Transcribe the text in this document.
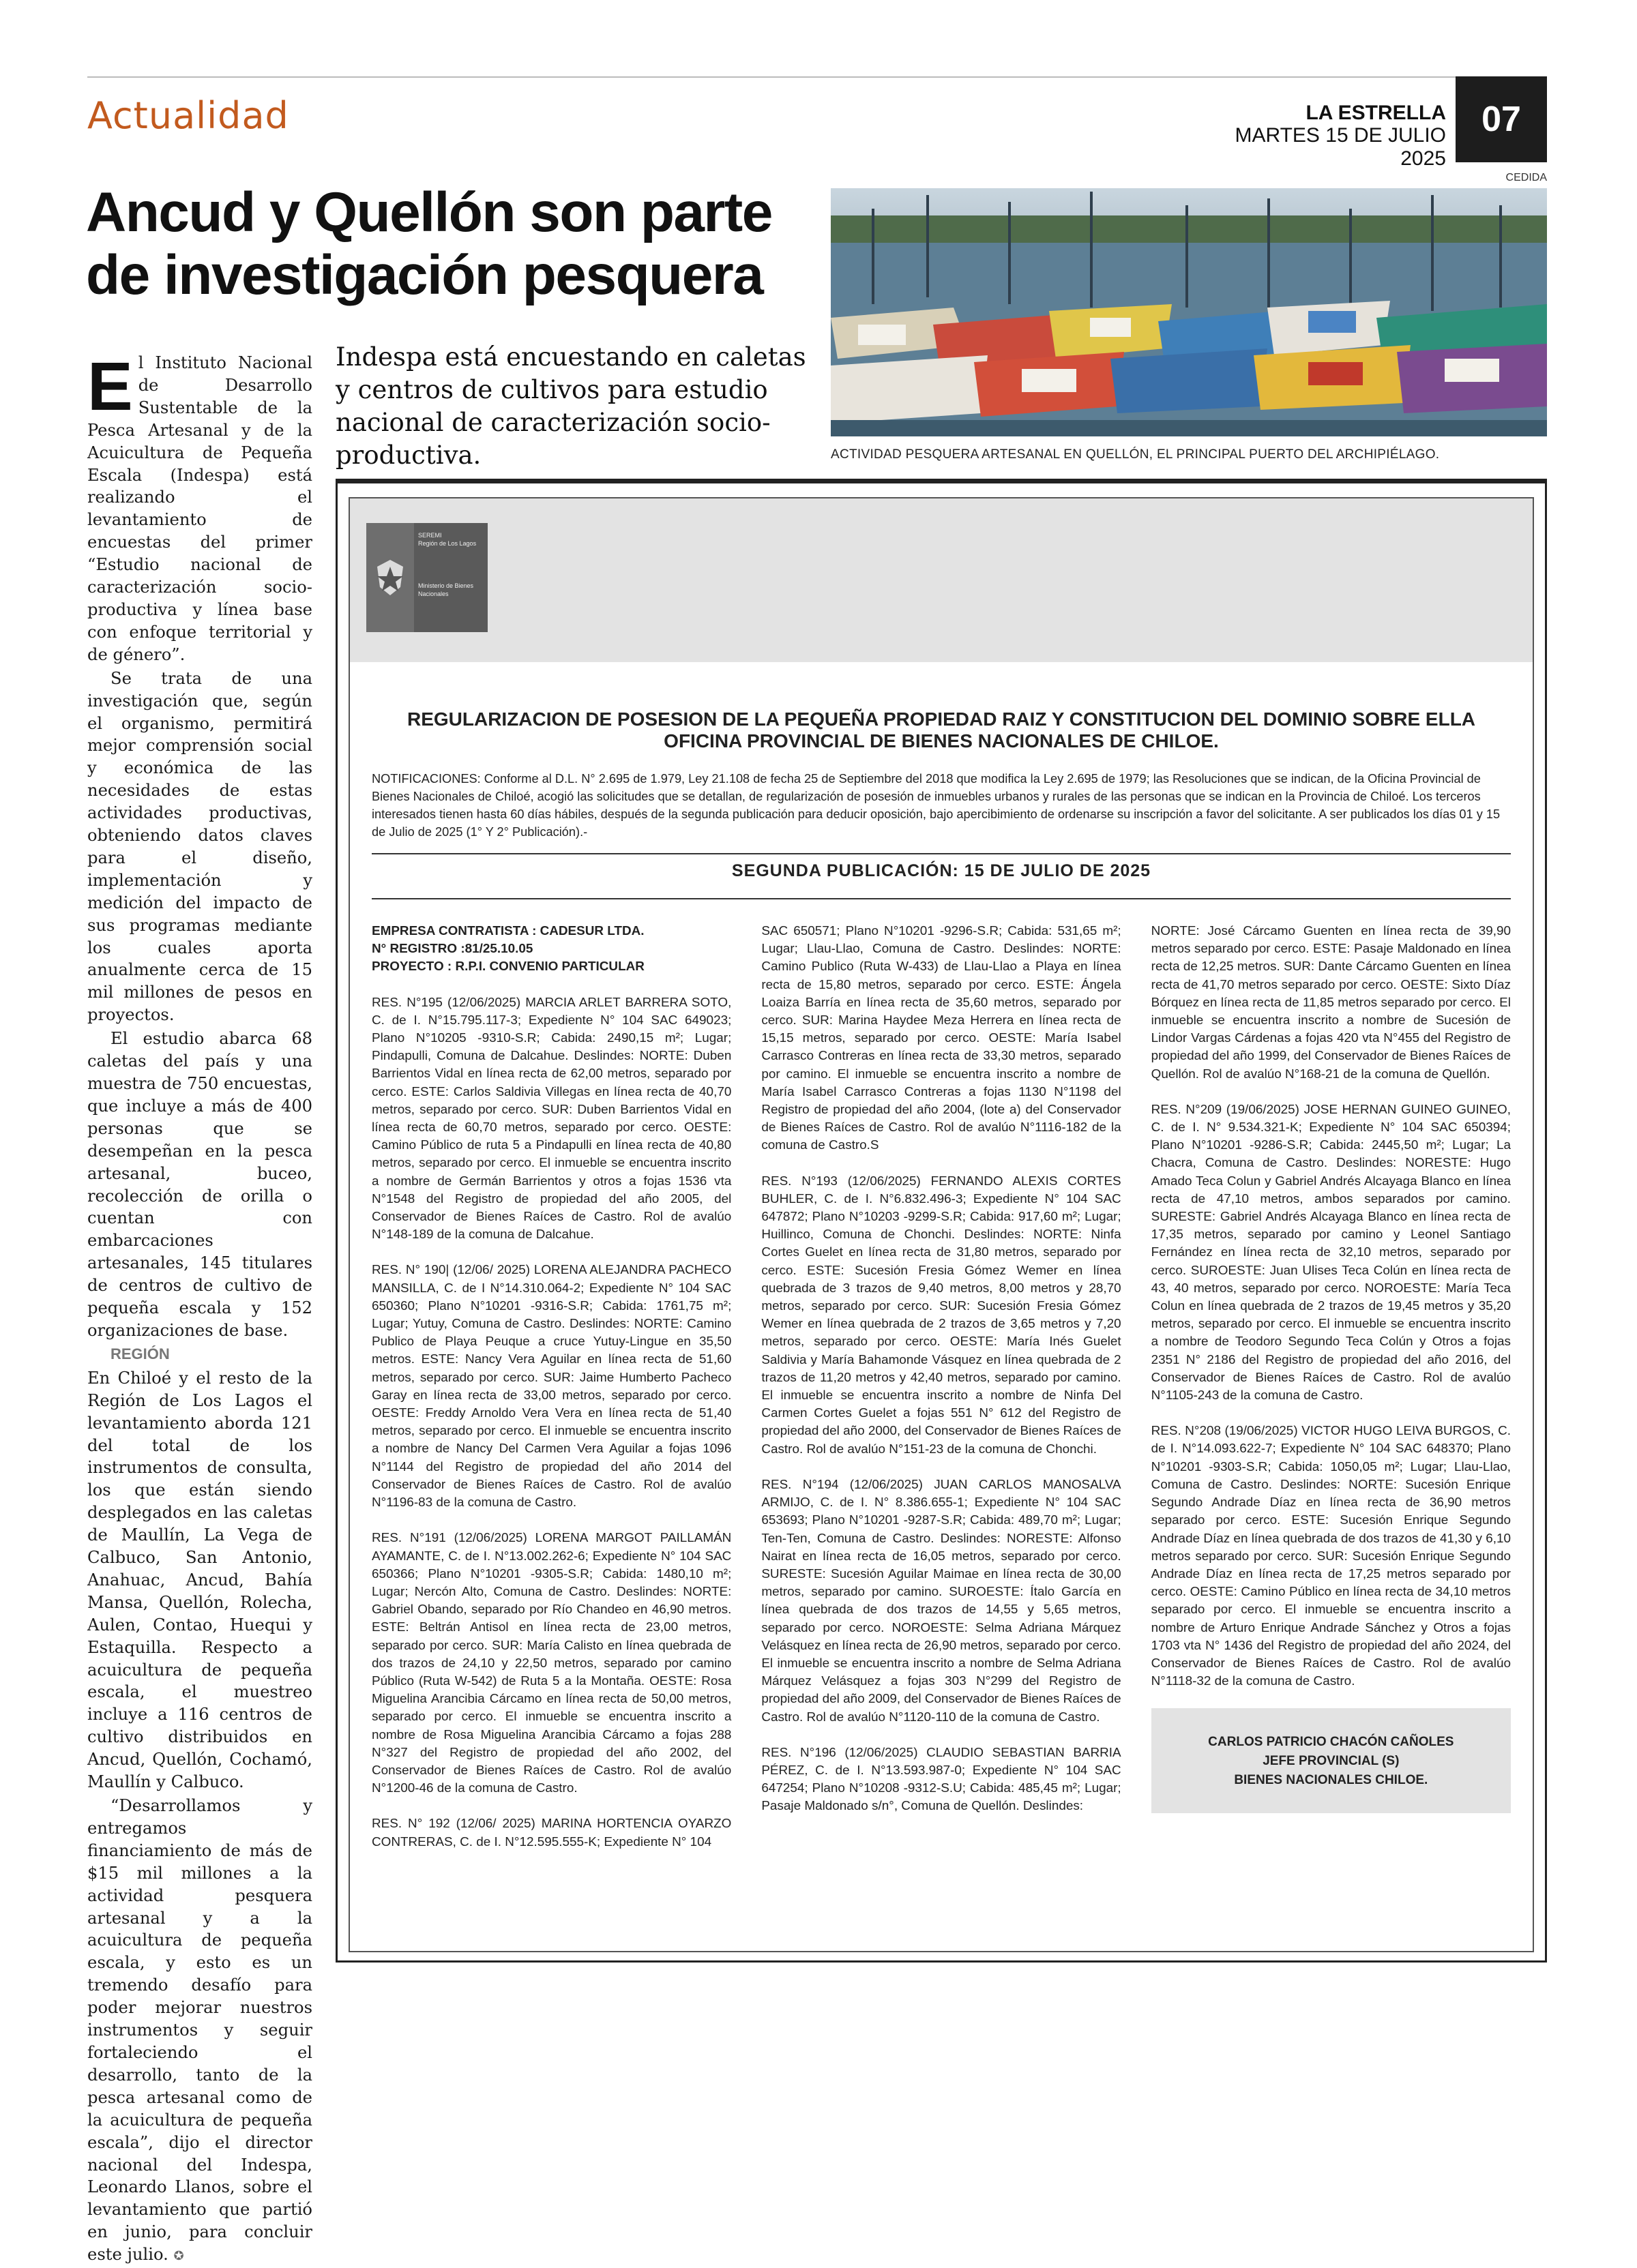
Actualidad	LA ESTRELLA
MARTES 15 DE JULIO 2025
07
CEDIDA
Ancud y Quellón son parte
de investigación pesquera
Indespa está encuestando en caletas y centros de cultivos para estudio nacional de caracterización socio-productiva.	ACTIVIDAD PESQUERA ARTESANAL EN QUELLÓN, EL PRINCIPAL PUERTO DEL ARCHIPIÉLAGO.

El Instituto Nacional de Desarrollo Sustentable de la Pesca Artesanal y de la Acuicultura de Pequeña Escala (Indespa) está realizando el levantamiento de encuestas del primer “Estudio nacional de caracterización socio-productiva y línea base con enfoque territorial y de género”.

Se trata de una investigación que, según el organismo, permitirá mejor comprensión social y económica de las necesidades de estas actividades productivas, obteniendo datos claves para el diseño, implementación y medición del impacto de sus programas mediante los cuales aporta anualmente cerca de 15 mil millones de pesos en proyectos.

El estudio abarca 68 caletas del país y una muestra de 750 encuestas, que incluye a más de 400 personas que se desempeñan en la pesca artesanal, buceo, recolección de orilla o cuentan con embarcaciones artesanales, 145 titulares de centros de cultivo de pequeña escala y 152 organizaciones de base.

REGIÓN

En Chiloé y el resto de la Región de Los Lagos el levantamiento aborda 121 del total de los instrumentos de consulta, los que están siendo desplegados en las caletas de Maullín, La Vega de Calbuco, San Antonio, Anahuac, Ancud, Bahía Mansa, Quellón, Rolecha, Aulen, Contao, Huequi y Estaquilla. Respecto a acuicultura de pequeña escala, el muestreo incluye a 116 centros de cultivo distribuidos en Ancud, Quellón, Cochamó, Maullín y Calbuco.

“Desarrollamos y entregamos financiamiento de más de $15 mil millones a la actividad pesquera artesanal y a la acuicultura de pequeña escala, y esto es un tremendo desafío para poder mejorar nuestros instrumentos y seguir fortaleciendo el desarrollo, tanto de la pesca artesanal como de la acuicultura de pequeña escala”, dijo el director nacional del Indespa, Leonardo Llanos, sobre el levantamiento que partió en junio, para concluir este julio. ✪

SEREMI
Región de Los Lagos
Ministerio de Bienes Nacionales
REGULARIZACION DE POSESION DE LA PEQUEÑA PROPIEDAD RAIZ Y CONSTITUCION DEL DOMINIO SOBRE ELLA OFICINA PROVINCIAL DE BIENES NACIONALES DE CHILOE.
NOTIFICACIONES: Conforme al D.L. N° 2.695 de 1.979, Ley 21.108 de fecha 25 de Septiembre del 2018 que modifica la Ley 2.695 de 1979; las Resoluciones que se indican, de la Oficina Provincial de Bienes Nacionales de Chiloé, acogió las solicitudes que se detallan, de regularización de posesión de inmuebles urbanos y rurales de las personas que se indican en la Provincia de Chiloé. Los terceros interesados tienen hasta 60 días hábiles, después de la segunda publicación para deducir oposición, bajo apercibimiento de ordenarse su inscripción a favor del solicitante. A ser publicados los días 01 y 15 de Julio de 2025 (1° Y 2° Publicación).-
SEGUNDA PUBLICACIÓN: 15 DE JULIO DE 2025
EMPRESA CONTRATISTA : CADESUR LTDA.
N° REGISTRO :81/25.10.05
PROYECTO : R.P.I. CONVENIO PARTICULAR

RES. N°195 (12/06/2025) MARCIA ARLET BARRERA SOTO, C. de I. N°15.795.117-3; Expediente N° 104 SAC 649023; Plano N°10205 -9310-S.R; Cabida: 2490,15 m²; Lugar; Pindapulli, Comuna de Dalcahue. Deslindes: NORTE: Duben Barrientos Vidal en línea recta de 62,00 metros, separado por cerco. ESTE: Carlos Saldivia Villegas en línea recta de 40,70 metros, separado por cerco. SUR: Duben Barrientos Vidal en línea recta de 60,70 metros, separado por cerco. OESTE: Camino Público de ruta 5 a Pindapulli en línea recta de 40,80 metros, separado por cerco. El inmueble se encuentra inscrito a nombre de Germán Barrientos y otros a fojas 1536 vta N°1548 del Registro de propiedad del año 2005, del Conservador de Bienes Raíces de Castro. Rol de avalúo N°148-189 de la comuna de Dalcahue.

RES. N° 190| (12/06/ 2025) LORENA ALEJANDRA PACHECO MANSILLA, C. de I N°14.310.064-2; Expediente N° 104 SAC 650360; Plano N°10201 -9316-S.R; Cabida: 1761,75 m²; Lugar; Yutuy, Comuna de Castro. Deslindes: NORTE: Camino Publico de Playa Peuque a cruce Yutuy-Lingue en 35,50 metros. ESTE: Nancy Vera Aguilar en línea recta de 51,60 metros, separado por cerco. SUR: Jaime Humberto Pacheco Garay en línea recta de 33,00 metros, separado por cerco. OESTE: Freddy Arnoldo Vera Vera en línea recta de 51,40 metros, separado por cerco. El inmueble se encuentra inscrito a nombre de Nancy Del Carmen Vera Aguilar a fojas 1096 N°1144 del Registro de propiedad del año 2014 del Conservador de Bienes Raíces de Castro. Rol de avalúo N°1196-83 de la comuna de Castro.

RES. N°191 (12/06/2025) LORENA MARGOT PAILLAMÁN AYAMANTE, C. de I. N°13.002.262-6; Expediente N° 104 SAC 650366; Plano N°10201 -9305-S.R; Cabida: 1480,10 m²; Lugar; Nercón Alto, Comuna de Castro. Deslindes: NORTE: Gabriel Obando, separado por Río Chandeo en 46,90 metros. ESTE: Beltrán Antisol en línea recta de 23,00 metros, separado por cerco. SUR: María Calisto en línea quebrada de dos trazos de 24,10 y 22,50 metros, separado por camino Público (Ruta W-542) de Ruta 5 a la Montaña. OESTE: Rosa Miguelina Arancibia Cárcamo en línea recta de 50,00 metros, separado por cerco. El inmueble se encuentra inscrito a nombre de Rosa Miguelina Arancibia Cárcamo a fojas 288 N°327 del Registro de propiedad del año 2002, del Conservador de Bienes Raíces de Castro. Rol de avalúo N°1200-46 de la comuna de Castro.

RES. N° 192 (12/06/ 2025) MARINA HORTENCIA OYARZO CONTRERAS, C. de I. N°12.595.555-K; Expediente N° 104

SAC 650571; Plano N°10201 -9296-S.R; Cabida: 531,65 m²; Lugar; Llau-Llao, Comuna de Castro. Deslindes: NORTE: Camino Publico (Ruta W-433) de Llau-Llao a Playa en línea recta de 15,80 metros, separado por cerco. ESTE: Ángela Loaiza Barría en línea recta de 35,60 metros, separado por cerco. SUR: Marina Haydee Meza Herrera en línea recta de 15,15 metros, separado por cerco. OESTE: María Isabel Carrasco Contreras en línea recta de 33,30 metros, separado por camino. El inmueble se encuentra inscrito a nombre de María Isabel Carrasco Contreras a fojas 1130 N°1198 del Registro de propiedad del año 2004, (lote a) del Conservador de Bienes Raíces de Castro. Rol de avalúo N°1116-182 de la comuna de Castro.S

RES. N°193 (12/06/2025) FERNANDO ALEXIS CORTES BUHLER, C. de I. N°6.832.496-3; Expediente N° 104 SAC 647872; Plano N°10203 -9299-S.R; Cabida: 917,60 m²; Lugar; Huillinco, Comuna de Chonchi. Deslindes: NORTE: Ninfa Cortes Guelet en línea recta de 31,80 metros, separado por cerco. ESTE: Sucesión Fresia Gómez Wemer en línea quebrada de 3 trazos de 9,40 metros, 8,00 metros y 28,70 metros, separado por cerco. SUR: Sucesión Fresia Gómez Wemer en línea quebrada de 2 trazos de 3,65 metros y 7,20 metros, separado por cerco. OESTE: María Inés Guelet Saldivia y María Bahamonde Vásquez en línea quebrada de 2 trazos de 11,20 metros y 42,40 metros, separado por camino. El inmueble se encuentra inscrito a nombre de Ninfa Del Carmen Cortes Guelet a fojas 551 N° 612 del Registro de propiedad del año 2000, del Conservador de Bienes Raíces de Castro. Rol de avalúo N°151-23 de la comuna de Chonchi.

RES. N°194 (12/06/2025) JUAN CARLOS MANOSALVA ARMIJO, C. de I. N° 8.386.655-1; Expediente N° 104 SAC 653693; Plano N°10201 -9287-S.R; Cabida: 489,70 m²; Lugar; Ten-Ten, Comuna de Castro. Deslindes: NORESTE: Alfonso Nairat en línea recta de 16,05 metros, separado por cerco. SURESTE: Sucesión Aguilar Maimae en línea recta de 30,00 metros, separado por camino. SUROESTE: Ítalo García en línea quebrada de dos trazos de 14,55 y 5,65 metros, separado por cerco. NOROESTE: Selma Adriana Márquez Velásquez en línea recta de 26,90 metros, separado por cerco. El inmueble se encuentra inscrito a nombre de Selma Adriana Márquez Velásquez a fojas 303 N°299 del Registro de propiedad del año 2009, del Conservador de Bienes Raíces de Castro. Rol de avalúo N°1120-110 de la comuna de Castro.

RES. N°196 (12/06/2025) CLAUDIO SEBASTIAN BARRIA PÉREZ, C. de I. N°13.593.987-0; Expediente N° 104 SAC 647254; Plano N°10208 -9312-S.U; Cabida: 485,45 m²; Lugar; Pasaje Maldonado s/n°, Comuna de Quellón. Deslindes:

NORTE: José Cárcamo Guenten en línea recta de 39,90 metros separado por cerco. ESTE: Pasaje Maldonado en línea recta de 12,25 metros. SUR: Dante Cárcamo Guenten en línea recta de 41,70 metros separado por cerco. OESTE: Sixto Díaz Bórquez en línea recta de 11,85 metros separado por cerco. El inmueble se encuentra inscrito a nombre de Sucesión de Lindor Vargas Cárdenas a fojas 420 vta N°455 del Registro de propiedad del año 1999, del Conservador de Bienes Raíces de Quellón. Rol de avalúo N°168-21 de la comuna de Quellón.

RES. N°209 (19/06/2025) JOSE HERNAN GUINEO GUINEO, C. de I. N° 9.534.321-K; Expediente N° 104 SAC 650394; Plano N°10201 -9286-S.R; Cabida: 2445,50 m²; Lugar; La Chacra, Comuna de Castro. Deslindes: NORESTE: Hugo Amado Teca Colun y Gabriel Andrés Alcayaga Blanco en línea recta de 47,10 metros, ambos separados por camino. SURESTE: Gabriel Andrés Alcayaga Blanco en línea recta de 17,35 metros, separado por camino y Leonel Santiago Fernández en línea recta de 32,10 metros, separado por cerco. SUROESTE: Juan Ulises Teca Colún en línea recta de 43, 40 metros, separado por cerco. NOROESTE: María Teca Colun en línea quebrada de 2 trazos de 19,45 metros y 35,20 metros, separado por cerco. El inmueble se encuentra inscrito a nombre de Teodoro Segundo Teca Colún y Otros a fojas 2351 N° 2186 del Registro de propiedad del año 2016, del Conservador de Bienes Raíces de Castro. Rol de avalúo N°1105-243 de la comuna de Castro.

RES. N°208 (19/06/2025) VICTOR HUGO LEIVA BURGOS, C. de I. N°14.093.622-7; Expediente N° 104 SAC 648370; Plano N°10201 -9303-S.R; Cabida: 1050,05 m²; Lugar; Llau-Llao, Comuna de Castro. Deslindes: NORTE: Sucesión Enrique Segundo Andrade Díaz en línea recta de 36,90 metros separado por cerco. ESTE: Sucesión Enrique Segundo Andrade Díaz en línea quebrada de dos trazos de 41,30 y 6,10 metros separado por cerco. SUR: Sucesión Enrique Segundo Andrade Díaz en línea recta de 17,25 metros separado por cerco. OESTE: Camino Público en línea recta de 34,10 metros separado por cerco. El inmueble se encuentra inscrito a nombre de Arturo Enrique Andrade Sánchez y Otros a fojas 1703 vta N° 1436 del Registro de propiedad del año 2024, del Conservador de Bienes Raíces de Castro. Rol de avalúo N°1118-32 de la comuna de Castro.

CARLOS PATRICIO CHACÓN CAÑOLES
JEFE PROVINCIAL (S)
BIENES NACIONALES CHILOE.
